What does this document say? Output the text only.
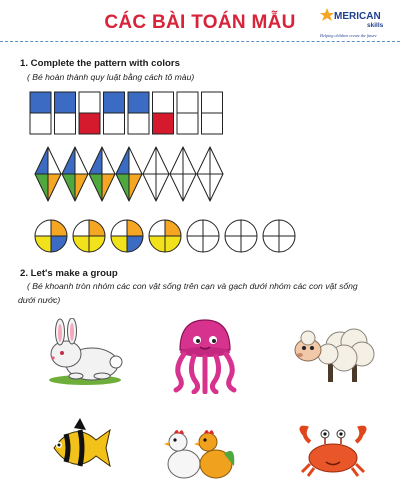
CÁC BÀI TOÁN MẪU	MERICAN
skills
Helping children create the future
1. Complete the pattern with colors
( Bé hoàn thành quy luật bằng cách tô màu)
2. Let's make a group
( Bé khoanh tròn nhóm các con vật sống trên cạn và gạch dưới nhóm các con vật sống
dưới nước)
